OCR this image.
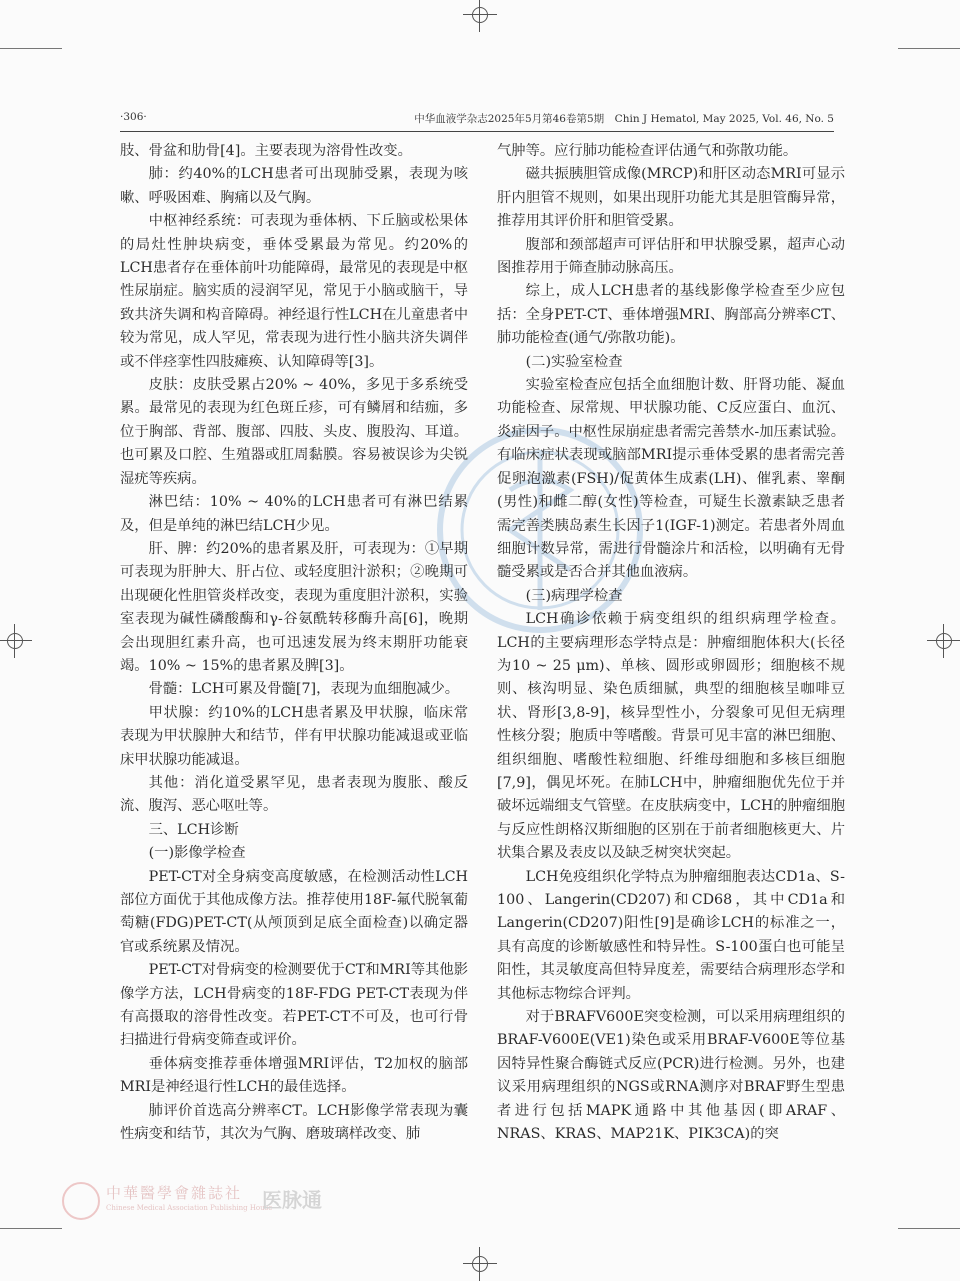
·306·	中华血液学杂志2025年5月第46卷第5期　Chin J Hematol, May 2025, Vol. 46, No. 5

肢、骨盆和肋骨[4]。主要表现为溶骨性改变。

肺：约40%的LCH患者可出现肺受累，表现为咳嗽、呼吸困难、胸痛以及气胸。

中枢神经系统：可表现为垂体柄、下丘脑或松果体的局灶性肿块病变，垂体受累最为常见。约20%的LCH患者存在垂体前叶功能障碍，最常见的表现是中枢性尿崩症。脑实质的浸润罕见，常见于小脑或脑干，导致共济失调和构音障碍。神经退行性LCH在儿童患者中较为常见，成人罕见，常表现为进行性小脑共济失调伴或不伴痉挛性四肢瘫痪、认知障碍等[3]。

皮肤：皮肤受累占20% ~ 40%，多见于多系统受累。最常见的表现为红色斑丘疹，可有鳞屑和结痂，多位于胸部、背部、腹部、四肢、头皮、腹股沟、耳道。也可累及口腔、生殖器或肛周黏膜。容易被误诊为尖锐湿疣等疾病。

淋巴结：10% ~ 40%的LCH患者可有淋巴结累及，但是单纯的淋巴结LCH少见。

肝、脾：约20%的患者累及肝，可表现为：①早期可表现为肝肿大、肝占位、或轻度胆汁淤积；②晚期可出现硬化性胆管炎样改变，表现为重度胆汁淤积，实验室表现为碱性磷酸酶和γ-谷氨酰转移酶升高[6]，晚期会出现胆红素升高，也可迅速发展为终末期肝功能衰竭。10% ~ 15%的患者累及脾[3]。

骨髓：LCH可累及骨髓[7]，表现为血细胞减少。

甲状腺：约10%的LCH患者累及甲状腺，临床常表现为甲状腺肿大和结节，伴有甲状腺功能减退或亚临床甲状腺功能减退。

其他：消化道受累罕见，患者表现为腹胀、酸反流、腹泻、恶心呕吐等。

三、LCH诊断

(一)影像学检查

PET-CT对全身病变高度敏感，在检测活动性LCH部位方面优于其他成像方法。推荐使用18F-氟代脱氧葡萄糖(FDG)PET-CT(从颅顶到足底全面检查)以确定器官或系统累及情况。

PET-CT对骨病变的检测要优于CT和MRI等其他影像学方法，LCH骨病变的18F-FDG PET-CT表现为伴有高摄取的溶骨性改变。若PET-CT不可及，也可行骨扫描进行骨病变筛查或评价。

垂体病变推荐垂体增强MRI评估，T2加权的脑部MRI是神经退行性LCH的最佳选择。

肺评价首选高分辨率CT。LCH影像学常表现为囊性病变和结节，其次为气胸、磨玻璃样改变、肺

气肿等。应行肺功能检查评估通气和弥散功能。

磁共振胰胆管成像(MRCP)和肝区动态MRI可显示肝内胆管不规则，如果出现肝功能尤其是胆管酶异常，推荐用其评价肝和胆管受累。

腹部和颈部超声可评估肝和甲状腺受累，超声心动图推荐用于筛查肺动脉高压。

综上，成人LCH患者的基线影像学检查至少应包括：全身PET-CT、垂体增强MRI、胸部高分辨率CT、肺功能检查(通气/弥散功能)。

(二)实验室检查

实验室检查应包括全血细胞计数、肝肾功能、凝血功能检查、尿常规、甲状腺功能、C反应蛋白、血沉、炎症因子。中枢性尿崩症患者需完善禁水-加压素试验。有临床症状表现或脑部MRI提示垂体受累的患者需完善促卵泡激素(FSH)/促黄体生成素(LH)、催乳素、睾酮(男性)和雌二醇(女性)等检查，可疑生长激素缺乏患者需完善类胰岛素生长因子1(IGF-1)测定。若患者外周血细胞计数异常，需进行骨髓涂片和活检，以明确有无骨髓受累或是否合并其他血液病。

(三)病理学检查

LCH确诊依赖于病变组织的组织病理学检查。LCH的主要病理形态学特点是：肿瘤细胞体积大(长径为10 ~ 25 μm)、单核、圆形或卵圆形；细胞核不规则、核沟明显、染色质细腻，典型的细胞核呈咖啡豆状、肾形[3,8-9]，核异型性小，分裂象可见但无病理性核分裂；胞质中等嗜酸。背景可见丰富的淋巴细胞、组织细胞、嗜酸性粒细胞、纤维母细胞和多核巨细胞[7,9]，偶见坏死。在肺LCH中，肿瘤细胞优先位于并破坏远端细支气管壁。在皮肤病变中，LCH的肿瘤细胞与反应性朗格汉斯细胞的区别在于前者细胞核更大、片状集合累及表皮以及缺乏树突状突起。

LCH免疫组织化学特点为肿瘤细胞表达CD1a、S-100、Langerin(CD207)和CD68，其中CD1a和Langerin(CD207)阳性[9]是确诊LCH的标准之一，具有高度的诊断敏感性和特异性。S-100蛋白也可能呈阳性，其灵敏度高但特异度差，需要结合病理形态学和其他标志物综合评判。

对于BRAFV600E突变检测，可以采用病理组织的BRAF-V600E(VE1)染色或采用BRAF-V600E等位基因特异性聚合酶链式反应(PCR)进行检测。另外，也建议采用病理组织的NGS或RNA测序对BRAF野生型患者进行包括MAPK通路中其他基因(即ARAF、NRAS、KRAS、MAP21K、PIK3CA)的突

中華醫學會雜誌社
Chinese Medical Association Publishing House
医脉通
